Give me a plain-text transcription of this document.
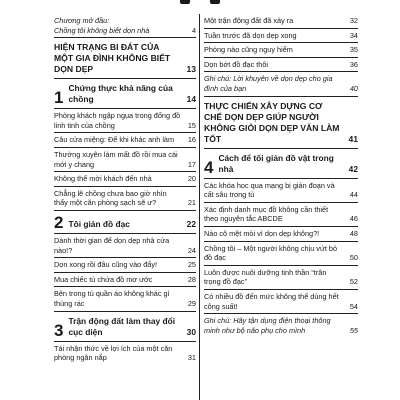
Chương mở đầu:
Chồng tôi không biết dọn nhà	4
HIỆN TRẠNG BI ĐÁT CỦA MỘT GIA ĐÌNH KHÔNG BIẾT DỌN DẸP	13
1 Chứng thực khả năng của chồng	14
Phòng khách ngập ngụa trong đống đồ linh tinh của chồng	15
Câu cửa miệng: Để khi khác anh làm	16
Thường xuyên làm mất đồ rồi mua cái mới y chang	17
Không thể mời khách đến nhà	20
Chẳng lẽ chồng chưa bao giờ nhìn thấy một căn phòng sạch sẽ ư?	21
2 Tôi giản đồ đạc	22
Dành thời gian để dọn dẹp nhà cửa nào!?	24
Dọn xong rồi đâu cũng vào đấy!	25
Mua chiếc tủ chứa đồ mơ ước	28
Bên trong tủ quần áo không khác gì thùng rác	29
3 Trận động đất làm thay đổi cục diện	30
Tái nhận thức về lợi ích của một căn phòng ngăn nắp	31
Một trận động đất đã xảy ra	32
Tuần trước đã dọn dẹp xong	34
Phòng nào cũng nguy hiểm	35
Dọn bớt đồ đạc thôi	36
Ghi chú: Lời khuyên về dọn dẹp cho gia đình của bạn	40
THỰC CHIẾN XÂY DỰNG CƠ CHẾ DỌN DẸP GIÚP NGƯỜI KHÔNG GIỎI DỌN DẸP VẪN LÀM TỐT	41
4 Cách để tối giản đồ vật trong nhà	42
Các khóa học qua mạng bị giản đoạn và cất sâu trong tủ	44
Xác định danh mục đồ không cần thiết theo nguyên tắc ABCDE	46
Nào cô mệt mỏi vì dọn dẹp không?!	48
Chồng tôi – Một người không chịu vứt bỏ đồ đạc	50
Luôn được nuôi dưỡng tinh thần “trân trọng đồ đạc”	52
Có nhiều đồ đến mức không thể dùng hết công suất!	54
Ghi chú: Hãy tận dụng điện thoại thông minh như bộ não phụ cho mình	55
